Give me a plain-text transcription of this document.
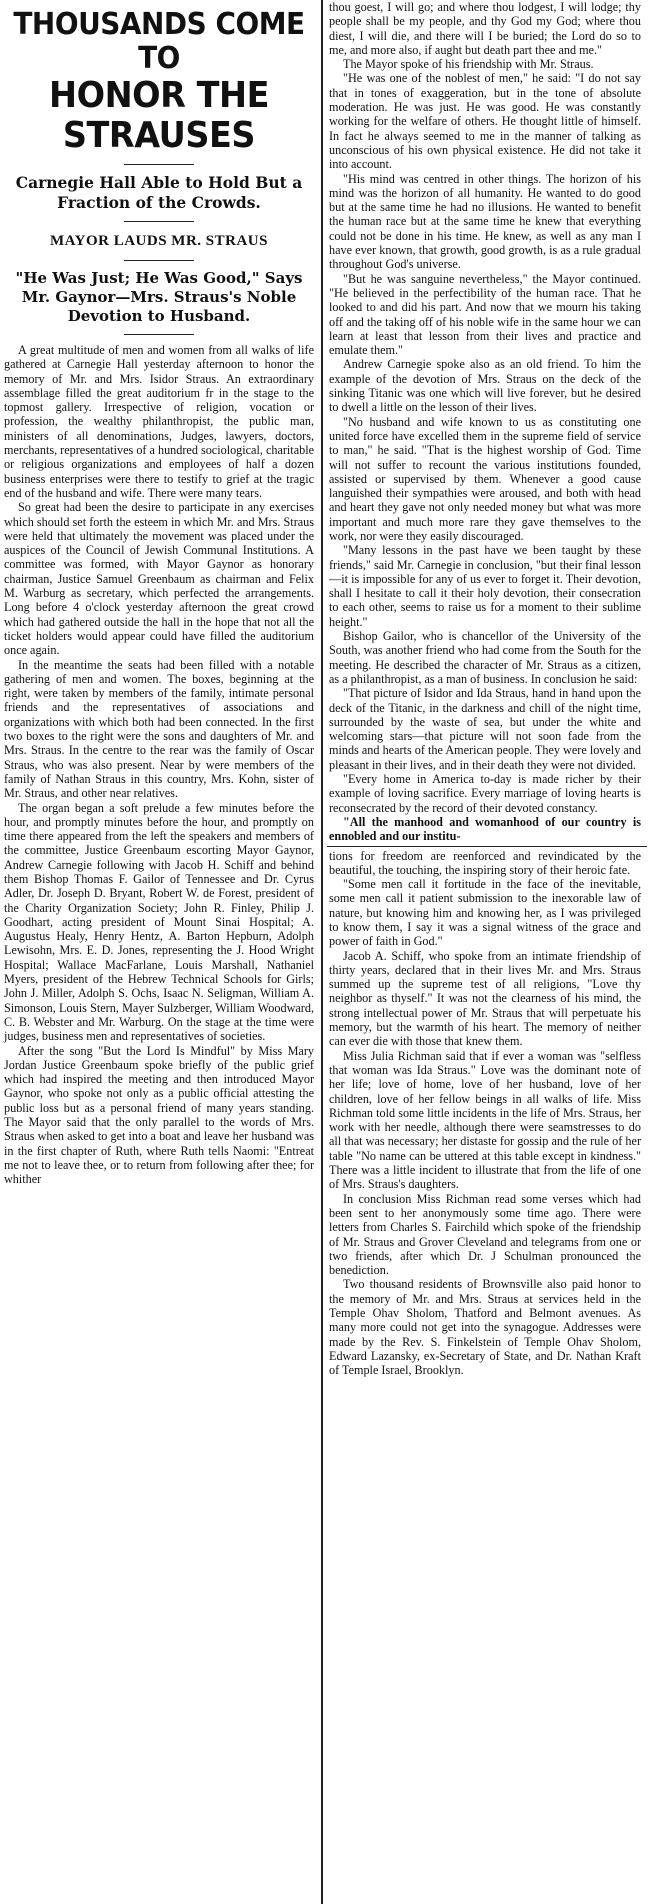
THOUSANDS COME TO
HONOR THE STRAUSES
Carnegie Hall Able to Hold But a Fraction of the Crowds.
MAYOR LAUDS MR. STRAUS
"He Was Just; He Was Good," Says Mr. Gaynor—Mrs. Straus's Noble Devotion to Husband.

A great multitude of men and women from all walks of life gathered at Carnegie Hall yesterday afternoon to honor the memory of Mr. and Mrs. Isidor Straus. An extraordinary assemblage filled the great auditorium fr in the stage to the topmost gallery. Irrespective of religion, vocation or profession, the wealthy philanthropist, the public man, ministers of all denominations, Judges, lawyers, doctors, merchants, representatives of a hundred sociological, charitable or religious organizations and employees of half a dozen business enterprises were there to testify to grief at the tragic end of the husband and wife. There were many tears.

So great had been the desire to participate in any exercises which should set forth the esteem in which Mr. and Mrs. Straus were held that ultimately the movement was placed under the auspices of the Council of Jewish Communal Institutions. A committee was formed, with Mayor Gaynor as honorary chairman, Justice Samuel Greenbaum as chairman and Felix M. Warburg as secretary, which perfected the arrangements. Long before 4 o'clock yesterday afternoon the great crowd which had gathered outside the hall in the hope that not all the ticket holders would appear could have filled the auditorium once again.

In the meantime the seats had been filled with a notable gathering of men and women. The boxes, beginning at the right, were taken by members of the family, intimate personal friends and the representatives of associations and organizations with which both had been connected. In the first two boxes to the right were the sons and daughters of Mr. and Mrs. Straus. In the centre to the rear was the family of Oscar Straus, who was also present. Near by were members of the family of Nathan Straus in this country, Mrs. Kohn, sister of Mr. Straus, and other near relatives.

The organ began a soft prelude a few minutes before the hour, and promptly minutes before the hour, and promptly on time there appeared from the left the speakers and members of the committee, Justice Greenbaum escorting Mayor Gaynor, Andrew Carnegie following with Jacob H. Schiff and behind them Bishop Thomas F. Gailor of Tennessee and Dr. Cyrus Adler, Dr. Joseph D. Bryant, Robert W. de Forest, president of the Charity Organization Society; John R. Finley, Philip J. Goodhart, acting president of Mount Sinai Hospital; A. Augustus Healy, Henry Hentz, A. Barton Hepburn, Adolph Lewisohn, Mrs. E. D. Jones, representing the J. Hood Wright Hospital; Wallace MacFarlane, Louis Marshall, Nathaniel Myers, president of the Hebrew Technical Schools for Girls; John J. Miller, Adolph S. Ochs, Isaac N. Seligman, William A. Simonson, Louis Stern, Mayer Sulzberger, William Woodward, C. B. Webster and Mr. Warburg. On the stage at the time were judges, business men and representatives of societies.

After the song "But the Lord Is Mindful" by Miss Mary Jordan Justice Greenbaum spoke briefly of the public grief which had inspired the meeting and then introduced Mayor Gaynor, who spoke not only as a public official attesting the public loss but as a personal friend of many years standing. The Mayor said that the only parallel to the words of Mrs. Straus when asked to get into a boat and leave her husband was in the first chapter of Ruth, where Ruth tells Naomi: "Entreat me not to leave thee, or to return from following after thee; for whither

thou goest, I will go; and where thou lodgest, I will lodge; thy people shall be my people, and thy God my God; where thou diest, I will die, and there will I be buried; the Lord do so to me, and more also, if aught but death part thee and me."

The Mayor spoke of his friendship with Mr. Straus.

"He was one of the noblest of men," he said: "I do not say that in tones of exaggeration, but in the tone of absolute moderation. He was just. He was good. He was constantly working for the welfare of others. He thought little of himself. In fact he always seemed to me in the manner of talking as unconscious of his own physical existence. He did not take it into account.

"His mind was centred in other things. The horizon of his mind was the horizon of all humanity. He wanted to do good but at the same time he had no illusions. He wanted to benefit the human race but at the same time he knew that everything could not be done in his time. He knew, as well as any man I have ever known, that growth, good growth, is as a rule gradual throughout God's universe.

"But he was sanguine nevertheless," the Mayor continued. "He believed in the perfectibility of the human race. That he looked to and did his part. And now that we mourn his taking off and the taking off of his noble wife in the same hour we can learn at least that lesson from their lives and practice and emulate them."

Andrew Carnegie spoke also as an old friend. To him the example of the devotion of Mrs. Straus on the deck of the sinking Titanic was one which will live forever, but he desired to dwell a little on the lesson of their lives.

"No husband and wife known to us as constituting one united force have excelled them in the supreme field of service to man," he said. "That is the highest worship of God. Time will not suffer to recount the various institutions founded, assisted or supervised by them. Whenever a good cause languished their sympathies were aroused, and both with head and heart they gave not only needed money but what was more important and much more rare they gave themselves to the work, nor were they easily discouraged.

"Many lessons in the past have we been taught by these friends," said Mr. Carnegie in conclusion, "but their final lesson—it is impossible for any of us ever to forget it. Their devotion, shall I hesitate to call it their holy devotion, their consecration to each other, seems to raise us for a moment to their sublime height."

Bishop Gailor, who is chancellor of the University of the South, was another friend who had come from the South for the meeting. He described the character of Mr. Straus as a citizen, as a philanthropist, as a man of business. In conclusion he said:

"That picture of Isidor and Ida Straus, hand in hand upon the deck of the Titanic, in the darkness and chill of the night time, surrounded by the waste of sea, but under the white and welcoming stars—that picture will not soon fade from the minds and hearts of the American people. They were lovely and pleasant in their lives, and in their death they were not divided.

"Every home in America to-day is made richer by their example of loving sacrifice. Every marriage of loving hearts is reconsecrated by the record of their devoted constancy.

"All the manhood and womanhood of our country is ennobled and our institu-

tions for freedom are reenforced and revindicated by the beautiful, the touching, the inspiring story of their heroic fate.

"Some men call it fortitude in the face of the inevitable, some men call it patient submission to the inexorable law of nature, but knowing him and knowing her, as I was privileged to know them, I say it was a signal witness of the grace and power of faith in God."

Jacob A. Schiff, who spoke from an intimate friendship of thirty years, declared that in their lives Mr. and Mrs. Straus summed up the supreme test of all religions, "Love thy neighbor as thyself." It was not the clearness of his mind, the strong intellectual power of Mr. Straus that will perpetuate his memory, but the warmth of his heart. The memory of neither can ever die with those that knew them.

Miss Julia Richman said that if ever a woman was "selfless that woman was Ida Straus." Love was the dominant note of her life; love of home, love of her husband, love of her children, love of her fellow beings in all walks of life. Miss Richman told some little incidents in the life of Mrs. Straus, her work with her needle, although there were seamstresses to do all that was necessary; her distaste for gossip and the rule of her table "No name can be uttered at this table except in kindness." There was a little incident to illustrate that from the life of one of Mrs. Straus's daughters.

In conclusion Miss Richman read some verses which had been sent to her anonymously some time ago. There were letters from Charles S. Fairchild which spoke of the friendship of Mr. Straus and Grover Cleveland and telegrams from one or two friends, after which Dr. J Schulman pronounced the benediction.

Two thousand residents of Brownsville also paid honor to the memory of Mr. and Mrs. Straus at services held in the Temple Ohav Sholom, Thatford and Belmont avenues. As many more could not get into the synagogue. Addresses were made by the Rev. S. Finkelstein of Temple Ohav Sholom, Edward Lazansky, ex-Secretary of State, and Dr. Nathan Kraft of Temple Israel, Brooklyn.
